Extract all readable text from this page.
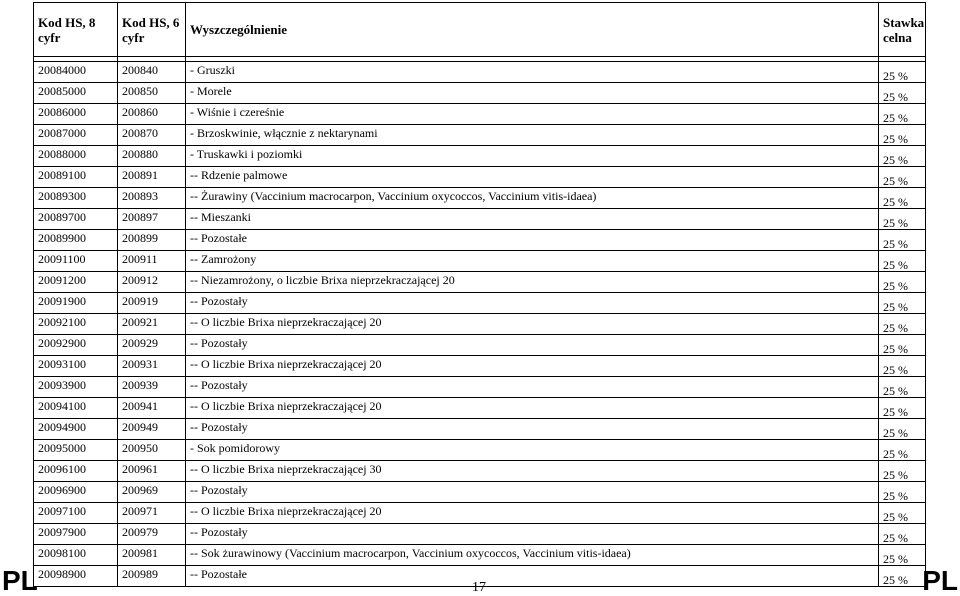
Kod HS, 8 cyfr	Kod HS, 6 cyfr	Wyszczególnienie	Stawka celna

20084000	200840	- Gruszki	25 %
20085000	200850	- Morele	25 %
20086000	200860	- Wiśnie i czereśnie	25 %
20087000	200870	- Brzoskwinie, włącznie z nektarynami	25 %
20088000	200880	- Truskawki i poziomki	25 %
20089100	200891	-- Rdzenie palmowe	25 %
20089300	200893	-- Żurawiny (Vaccinium macrocarpon, Vaccinium oxycoccos, Vaccinium vitis-idaea)	25 %
20089700	200897	-- Mieszanki	25 %
20089900	200899	-- Pozostałe	25 %
20091100	200911	-- Zamrożony	25 %
20091200	200912	-- Niezamrożony, o liczbie Brixa nieprzekraczającej 20	25 %
20091900	200919	-- Pozostały	25 %
20092100	200921	-- O liczbie Brixa nieprzekraczającej 20	25 %
20092900	200929	-- Pozostały	25 %
20093100	200931	-- O liczbie Brixa nieprzekraczającej 20	25 %
20093900	200939	-- Pozostały	25 %
20094100	200941	-- O liczbie Brixa nieprzekraczającej 20	25 %
20094900	200949	-- Pozostały	25 %
20095000	200950	- Sok pomidorowy	25 %
20096100	200961	-- O liczbie Brixa nieprzekraczającej 30	25 %
20096900	200969	-- Pozostały	25 %
20097100	200971	-- O liczbie Brixa nieprzekraczającej 20	25 %
20097900	200979	-- Pozostały	25 %
20098100	200981	-- Sok żurawinowy (Vaccinium macrocarpon, Vaccinium oxycoccos, Vaccinium vitis-idaea)	25 %
20098900	200989	-- Pozostałe	25 %
PL	17	PL
